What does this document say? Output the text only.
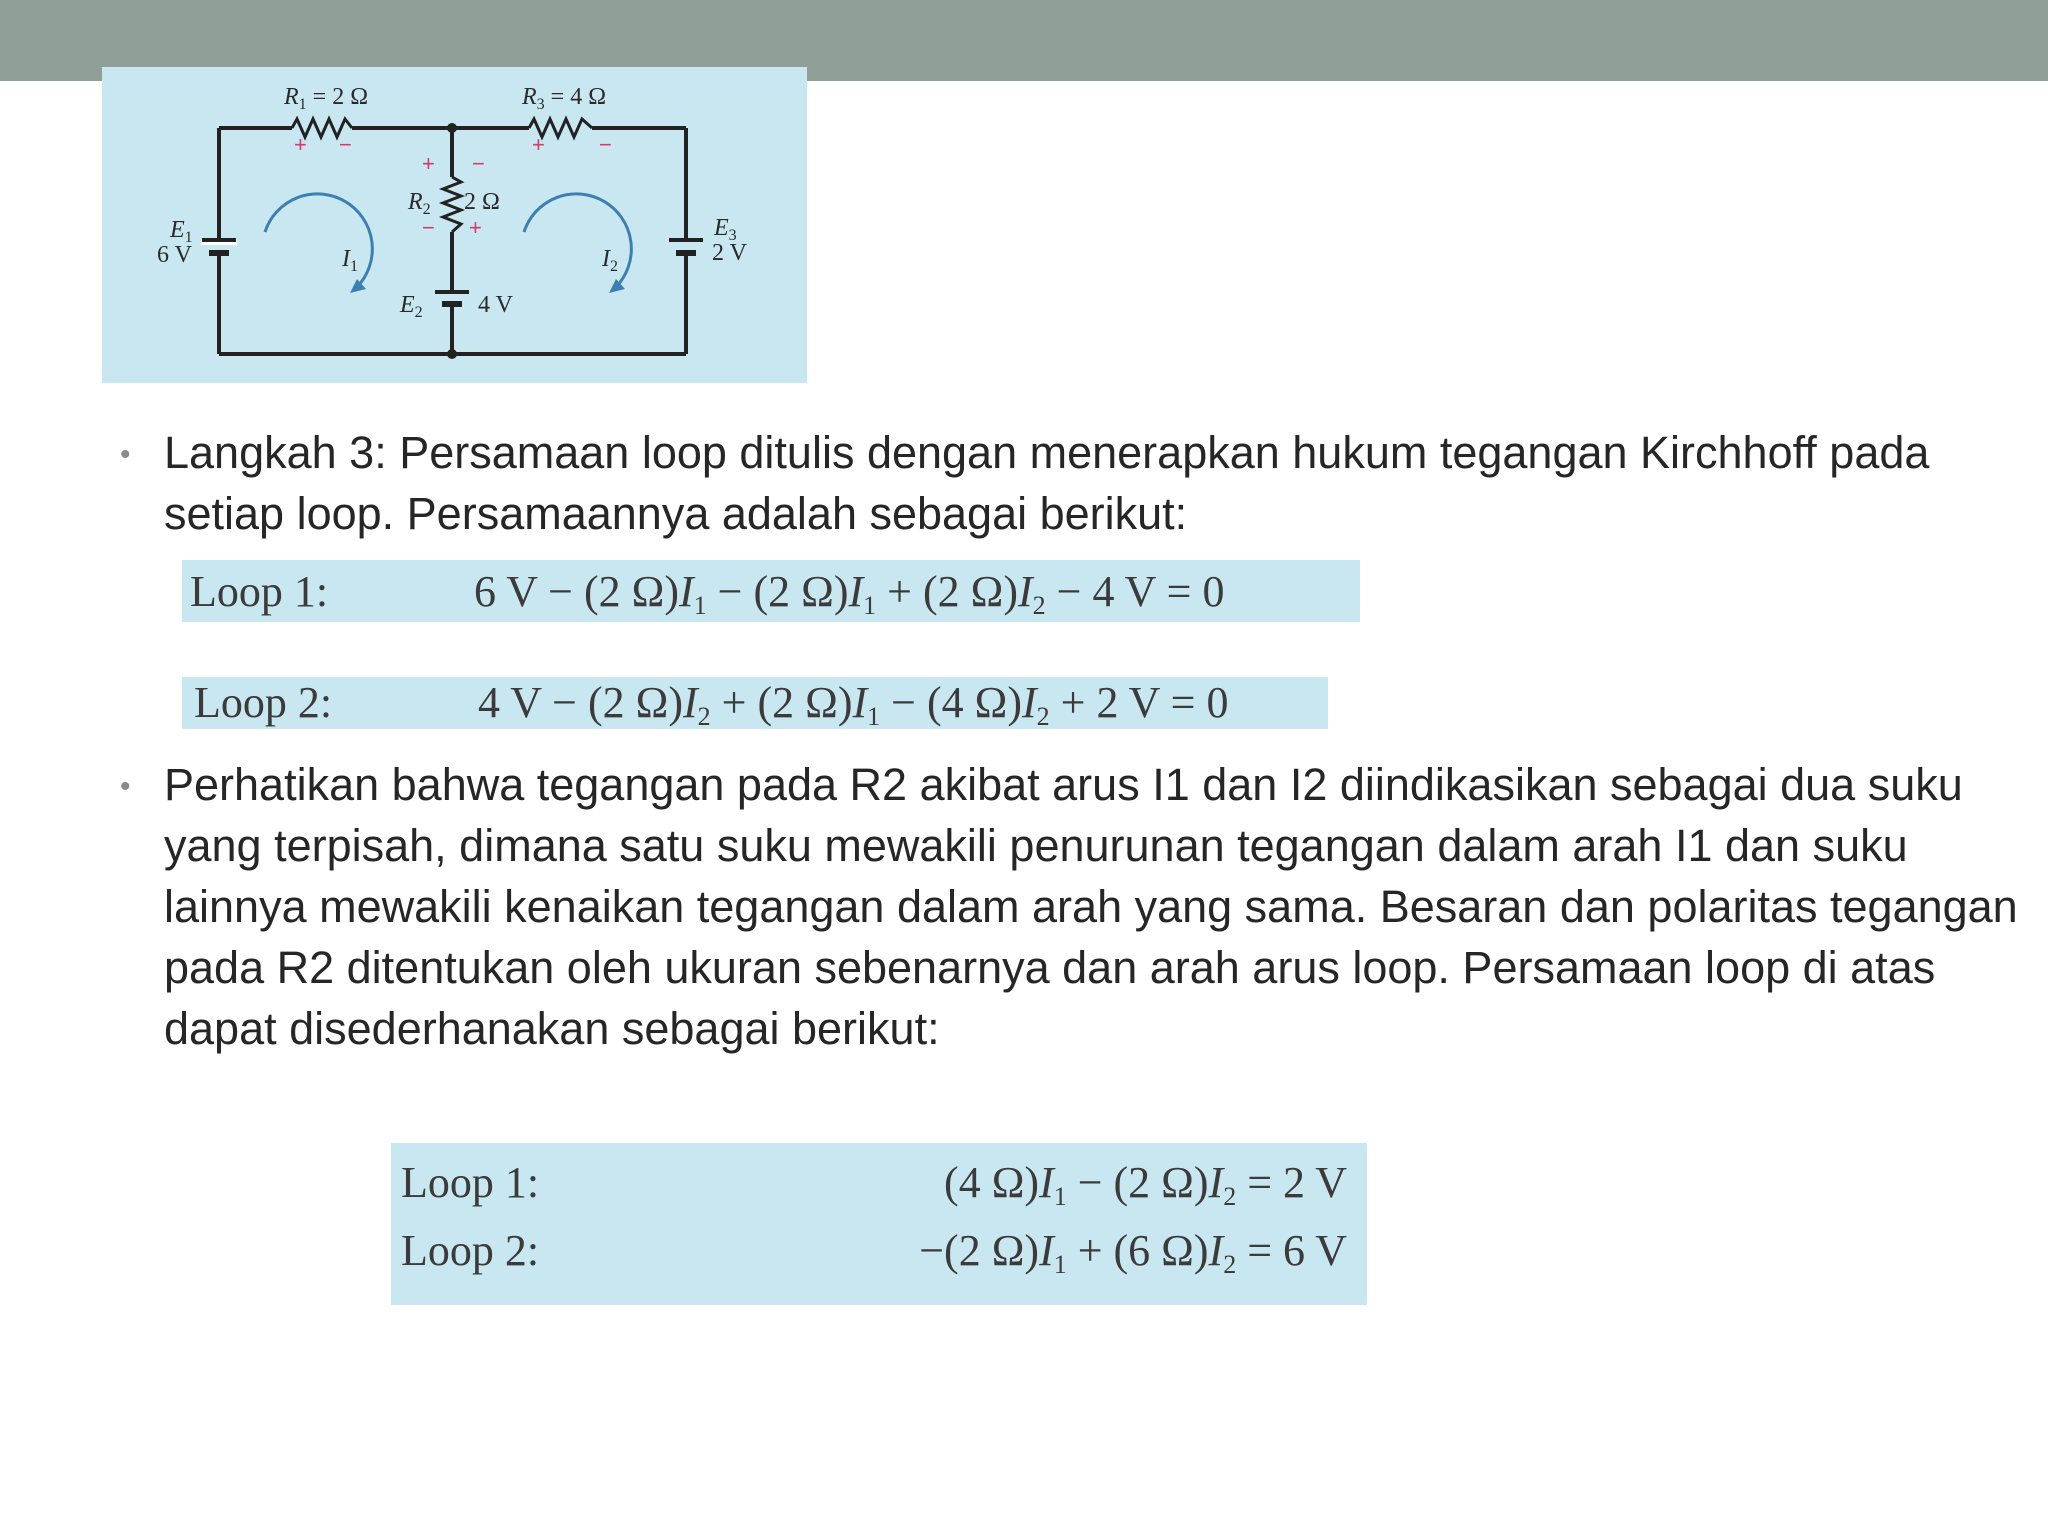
$R_1 = 2$ Ω	$R_3 = 4$ Ω
$R_2$ 2 Ω
$E_1$
6 V
$E_2$ 4 V
$E_3$
2 V
$I_1$	$I_2$
+ −	+ −
+ −
− +
• Langkah 3: Persamaan loop ditulis dengan menerapkan hukum tegangan Kirchhoff pada setiap loop. Persamaannya adalah sebagai berikut:
Loop 1:	6 V − (2 $\Omega)I_1 - (2$ $\Omega)I_1 + (2$ $\Omega)I_2 - 4$ V = 0
Loop 2:	4 V − (2 $\Omega)I_2 + (2$ $\Omega)I_1 - (4$ $\Omega)I_2 + 2$ V = 0
• Perhatikan bahwa tegangan pada R2 akibat arus I1 dan I2 diindikasikan sebagai dua suku yang terpisah, dimana satu suku mewakili penurunan tegangan dalam arah I1 dan suku lainnya mewakili kenaikan tegangan dalam arah yang sama. Besaran dan polaritas tegangan pada R2 ditentukan oleh ukuran sebenarnya dan arah arus loop. Persamaan loop di atas dapat disederhanakan sebagai berikut:
Loop 1:	(4 $\Omega)I_1 - (2$ $\Omega)I_2 = 2$ V
Loop 2:	−(2 $\Omega)I_1 + (6$ $\Omega)I_2 = 6$ V
